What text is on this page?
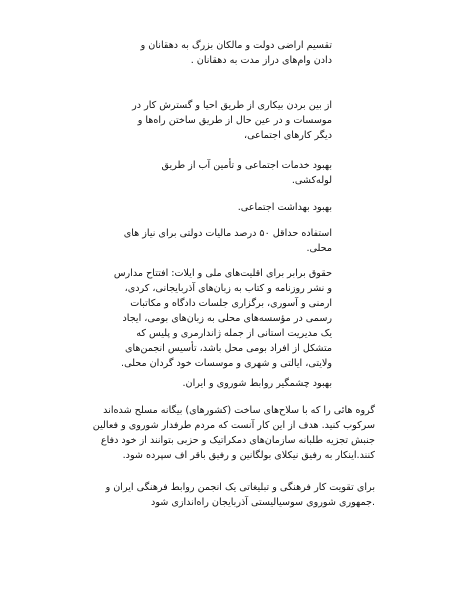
تقسیم اراضی دولت و مالکان بزرگ به دهقانان و
دادن وام‌های دراز مدت به دهقانان .

از بین بردن بیکاری از طریق احیا و گسترش کار در
موسسات و در عین حال از طریق ساختن راه‌ها و
دیگر کارهای اجتماعی،

بهبود خدمات اجتماعی و تأمین آب از طریق
لوله‌کشی.

بهبود بهداشت اجتماعی.

استفاده حداقل ۵۰ درصد مالیات دولتی برای نیاز های
محلی.

حقوق برابر برای اقلیت‌های ملی و ایلات: افتتاح مدارس
و نشر روزنامه و کتاب به زبان‌های آذربایجانی، کردی،
ارمنی و آسوری، برگزاری جلسات دادگاه و مکاتبات
رسمی در مؤسسه‌های محلی به زبان‌های بومی، ایجاد
یک مدیریت استانی از جمله ژاندارمری و پلیس که
متشکل از افراد بومی محل باشد، تأسیس انجمن‌های
ولایتی، ایالتی و شهری و موسسات خود گردان محلی.

بهبود چشمگیر روابط شوروی و ایران.

گروه هائی را که با سلاح‌های ساخت (کشورهای) بیگانه مسلح شده‌اند
سرکوب کنید. هدف از این کار آنست که مردم طرفدار شوروی و فعالین
جنبش تجزیه طلبانه سازمان‌های دمکراتیک و حزبی بتوانند از خود دفاع
کنند.اینکار به رفیق نیکلای بولگانین و رفیق باقر اف سپرده شود.

برای تقویت کار فرهنگی و تبلیغاتی یک انجمن روابط فرهنگی ایران و
.جمهوری شوروی سوسیالیستی آذربایجان راه‌اندازی شود
